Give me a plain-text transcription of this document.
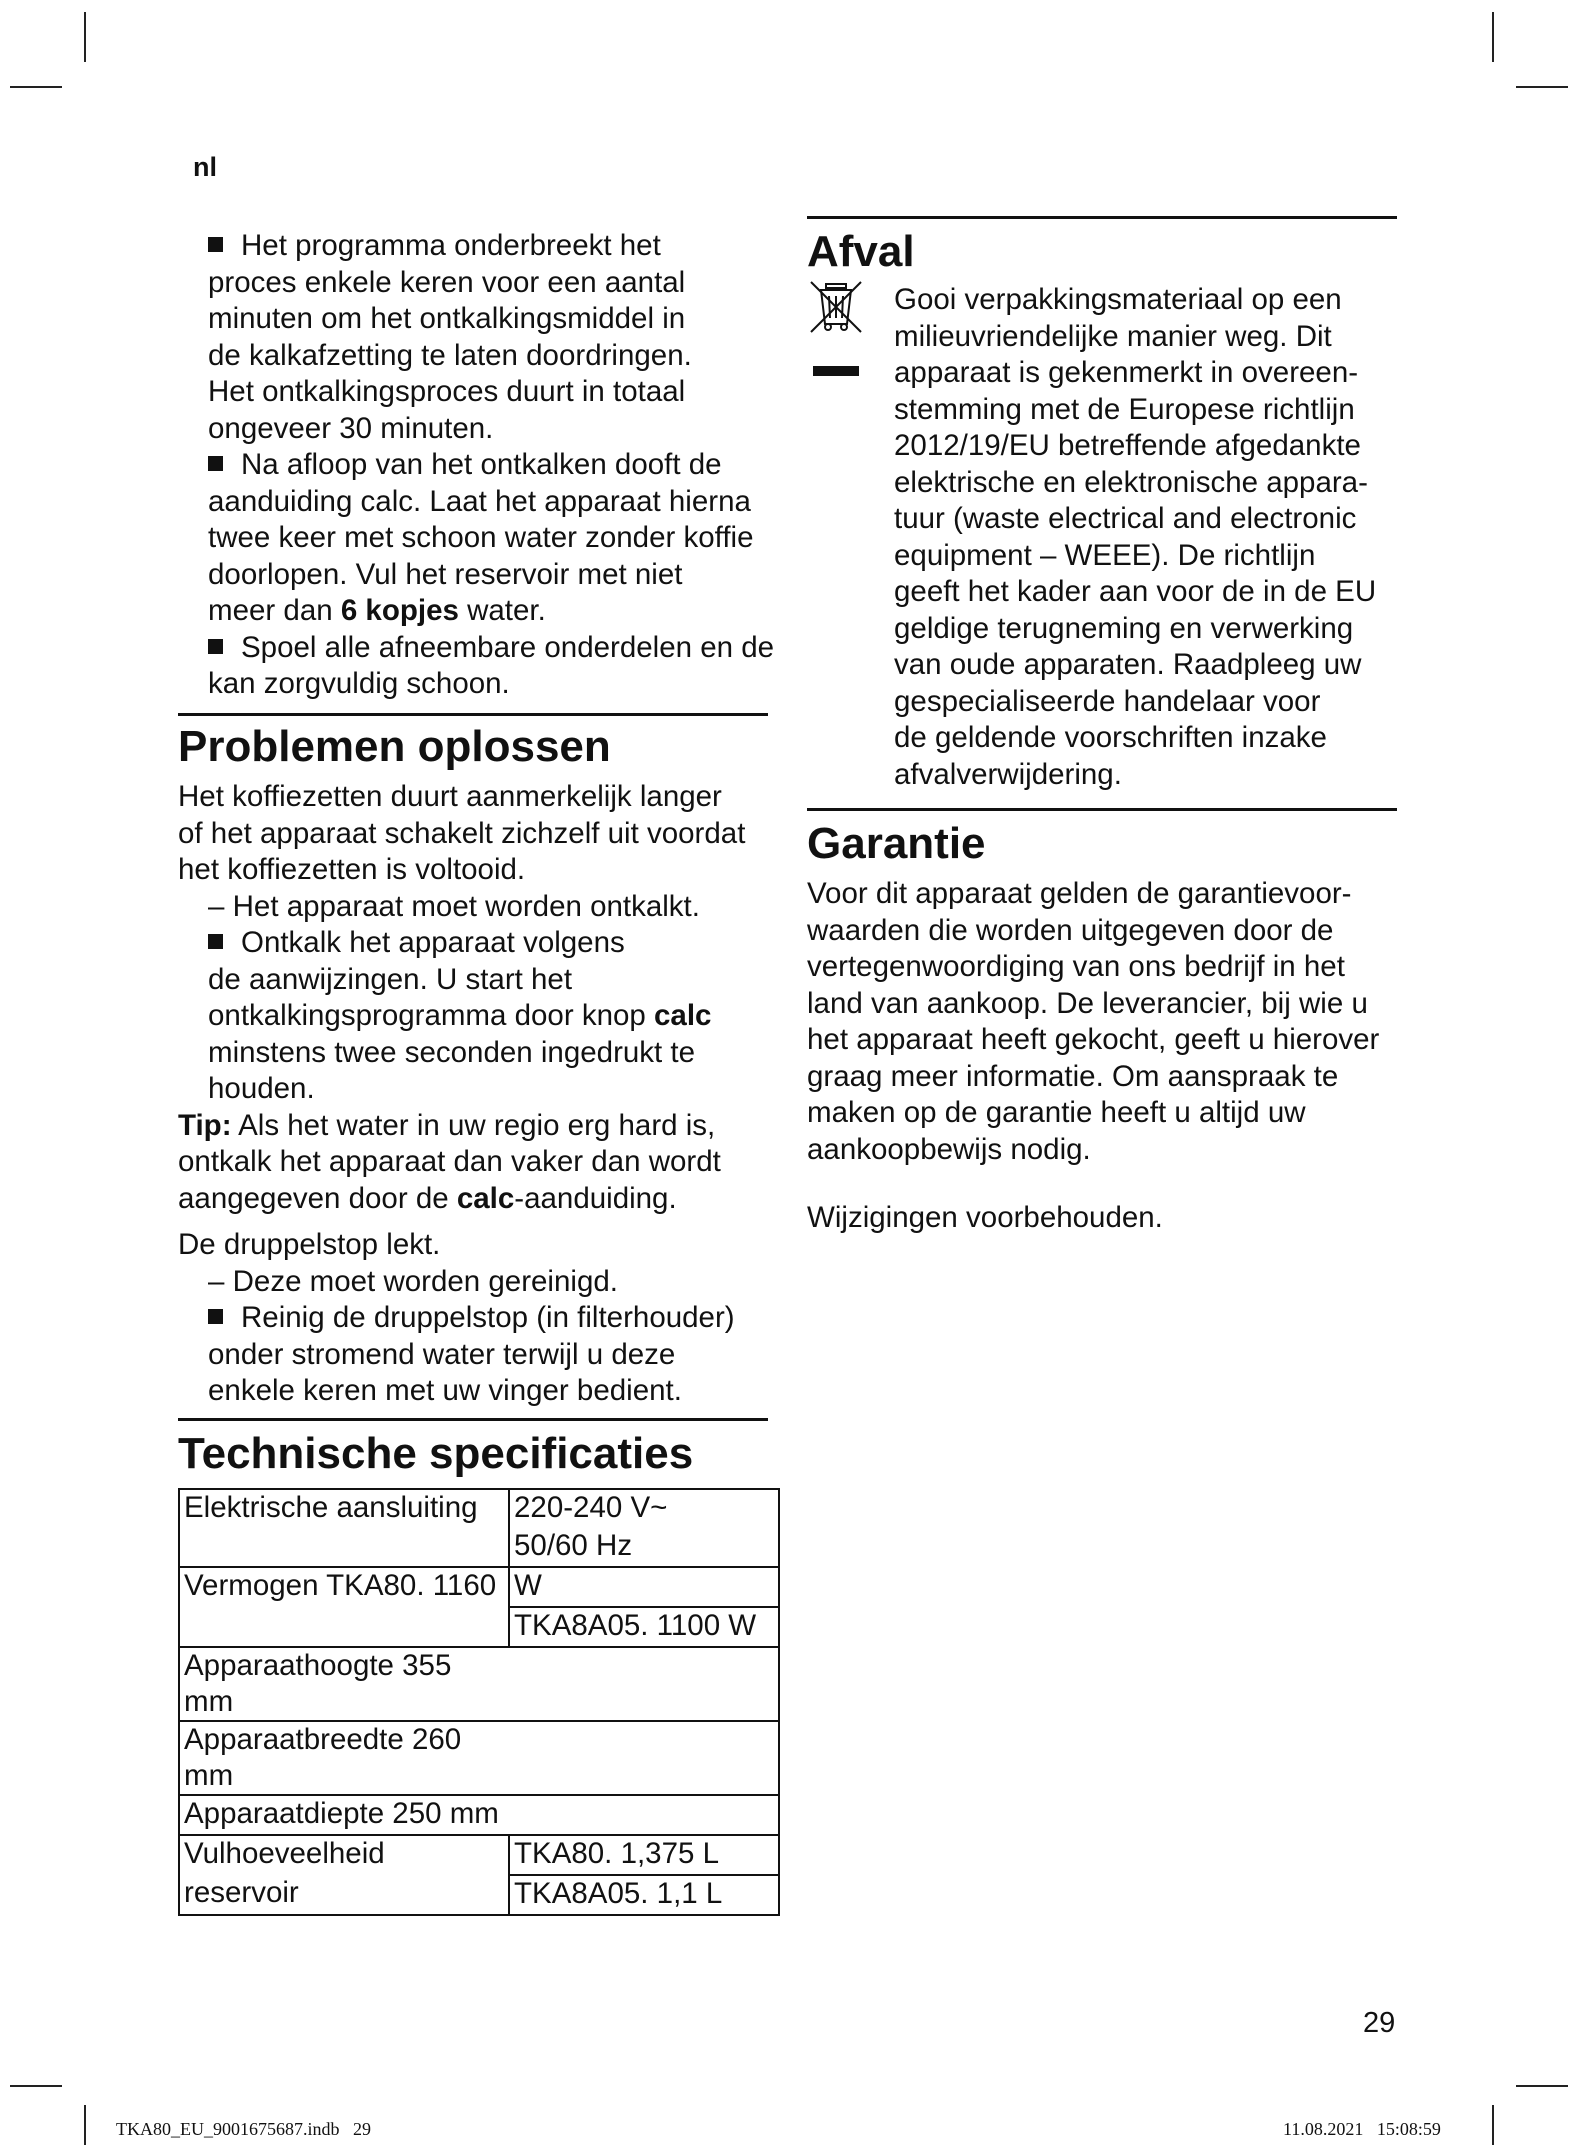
nl
Het programma onderbreekt het
proces enkele keren voor een aantal
minuten om het ontkalkingsmiddel in
de kalkafzetting te laten doordringen.
Het ontkalkingsproces duurt in totaal
ongeveer 30 minuten.
Na afloop van het ontkalken dooft de
aanduiding calc. Laat het apparaat hierna
twee keer met schoon water zonder koffie
doorlopen. Vul het reservoir met niet
meer dan 6 kopjes water.
Spoel alle afneembare onderdelen en de
kan zorgvuldig schoon.
Problemen oplossen
Het koffiezetten duurt aanmerkelijk langer
of het apparaat schakelt zichzelf uit voordat
het koffiezetten is voltooid.
– Het apparaat moet worden ontkalkt.
Ontkalk het apparaat volgens
de aanwijzingen. U start het
ontkalkingsprogramma door knop calc
minstens twee seconden ingedrukt te
houden.
Tip: Als het water in uw regio erg hard is,
ontkalk het apparaat dan vaker dan wordt
aangegeven door de calc-aanduiding.
De druppelstop lekt.
– Deze moet worden gereinigd.
Reinig de druppelstop (in filterhouder)
onder stromend water terwijl u deze
enkele keren met uw vinger bedient.
Technische specificaties
Elektrische aansluiting	220-240 V~
	50/60 Hz
Vermogen TKA80. 1160	W
	TKA8A05. 1100 W
Apparaathoogte 355 mm	
Apparaatbreedte 260 mm	
Apparaatdiepte 250 mm	
Vulhoeveelheid	TKA80. 1,375 L
reservoir	TKA8A05. 1,1 L
Afval
Gooi verpakkingsmateriaal op een
milieuvriendelijke manier weg. Dit
apparaat is gekenmerkt in overeen-
stemming met de Europese richtlijn
2012/19/EU betreffende afgedankte
elektrische en elektronische appara-
tuur (waste electrical and electronic
equipment – WEEE). De richtlijn
geeft het kader aan voor de in de EU
geldige terugneming en verwerking
van oude apparaten. Raadpleeg uw
gespecialiseerde handelaar voor
de geldende voorschriften inzake
afvalverwijdering.
Garantie
Voor dit apparaat gelden de garantievoor-
waarden die worden uitgegeven door de
vertegenwoordiging van ons bedrijf in het
land van aankoop. De leverancier, bij wie u
het apparaat heeft gekocht, geeft u hierover
graag meer informatie. Om aanspraak te
maken op de garantie heeft u altijd uw
aankoopbewijs nodig.
Wijzigingen voorbehouden.
29
TKA80_EU_9001675687.indb   29	11.08.2021   15:08:59
